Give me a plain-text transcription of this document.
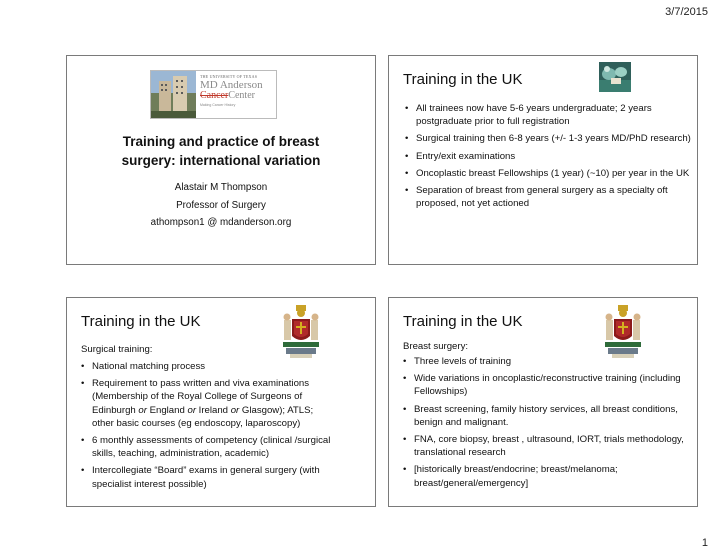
3/7/2015
THE UNIVERSITY OF TEXAS
MD Anderson
CancerCenter
Making Cancer History
Training and practice of breast
surgery: international variation
Alastair M Thompson
Professor of Surgery
athompson1 @ mdanderson.org
Training in the UK
• All trainees now have 5-6 years undergraduate; 2 years postgraduate prior to full registration
• Surgical training then 6-8 years (+/- 1-3 years MD/PhD research)
• Entry/exit examinations
• Oncoplastic breast Fellowships (1 year) (~10) per year in the UK
• Separation of breast from general surgery as a specialty oft proposed, not yet actioned
Training in the UK
Surgical training:
• National matching process
• Requirement to pass written and viva examinations (Membership of the Royal College of Surgeons of Edinburgh or England or Ireland or Glasgow); ATLS; other basic courses (eg endoscopy, laparoscopy)
• 6 monthly assessments of competency (clinical /surgical skills, teaching, administration, academic)
• Intercollegiate “Board” exams in general surgery (with specialist interest possible)
Training in the UK
Breast surgery:
• Three levels of training
• Wide variations in oncoplastic/reconstructive training (including Fellowships)
• Breast screening, family history services, all breast conditions, benign and malignant.
• FNA, core biopsy, breast , ultrasound, IORT, trials methodology, translational research
• [historically breast/endocrine; breast/melanoma; breast/general/emergency]
1
